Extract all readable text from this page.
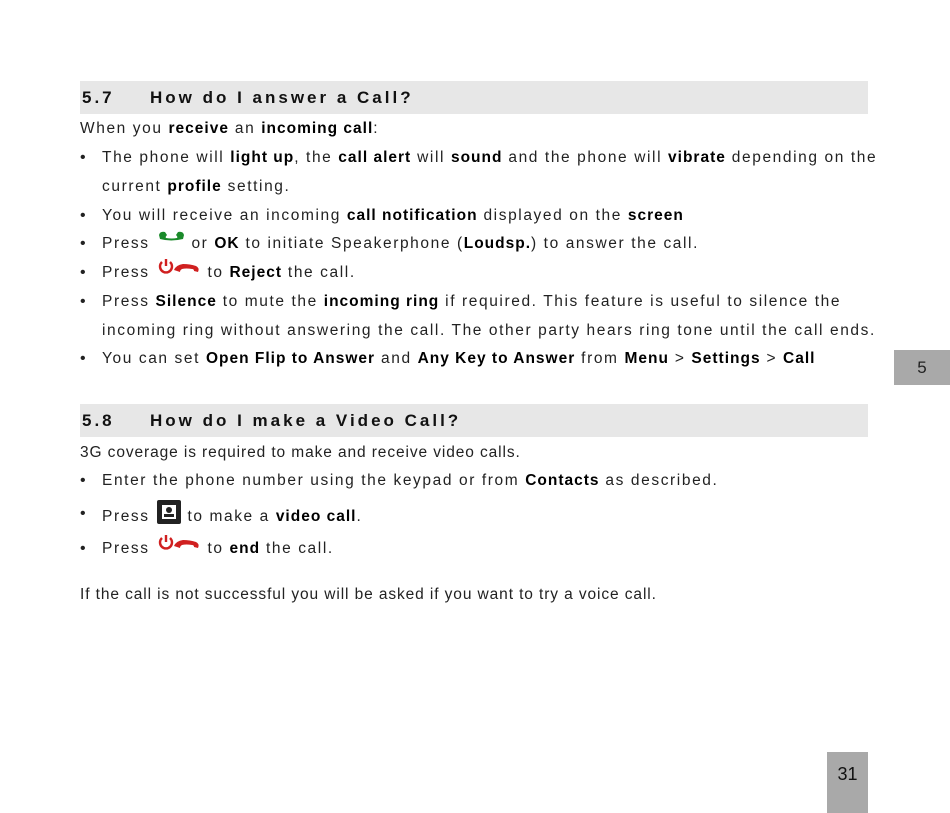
5.7	How do I answer a Call?
When you receive an incoming call:
• The phone will light up, the call alert will sound and the phone will vibrate depending on the current profile setting.
• You will receive an incoming call notification displayed on the screen
• Press  or OK to initiate Speakerphone (Loudsp.) to answer the call.
• Press	to Reject the call.
• Press Silence to mute the incoming ring if required. This feature is useful to silence the incoming ring without answering the call. The other party hears ring tone until the call ends.
• You can set Open Flip to Answer and Any Key to Answer from Menu > Settings > Call
5.8	How do I make a Video Call?
3G coverage is required to make and receive video calls.
• Enter the phone number using the keypad or from Contacts as described.
• Press  to make a video call.
• Press	to end the call.
If the call is not successful you will be asked if you want to try a voice call.
5
31
